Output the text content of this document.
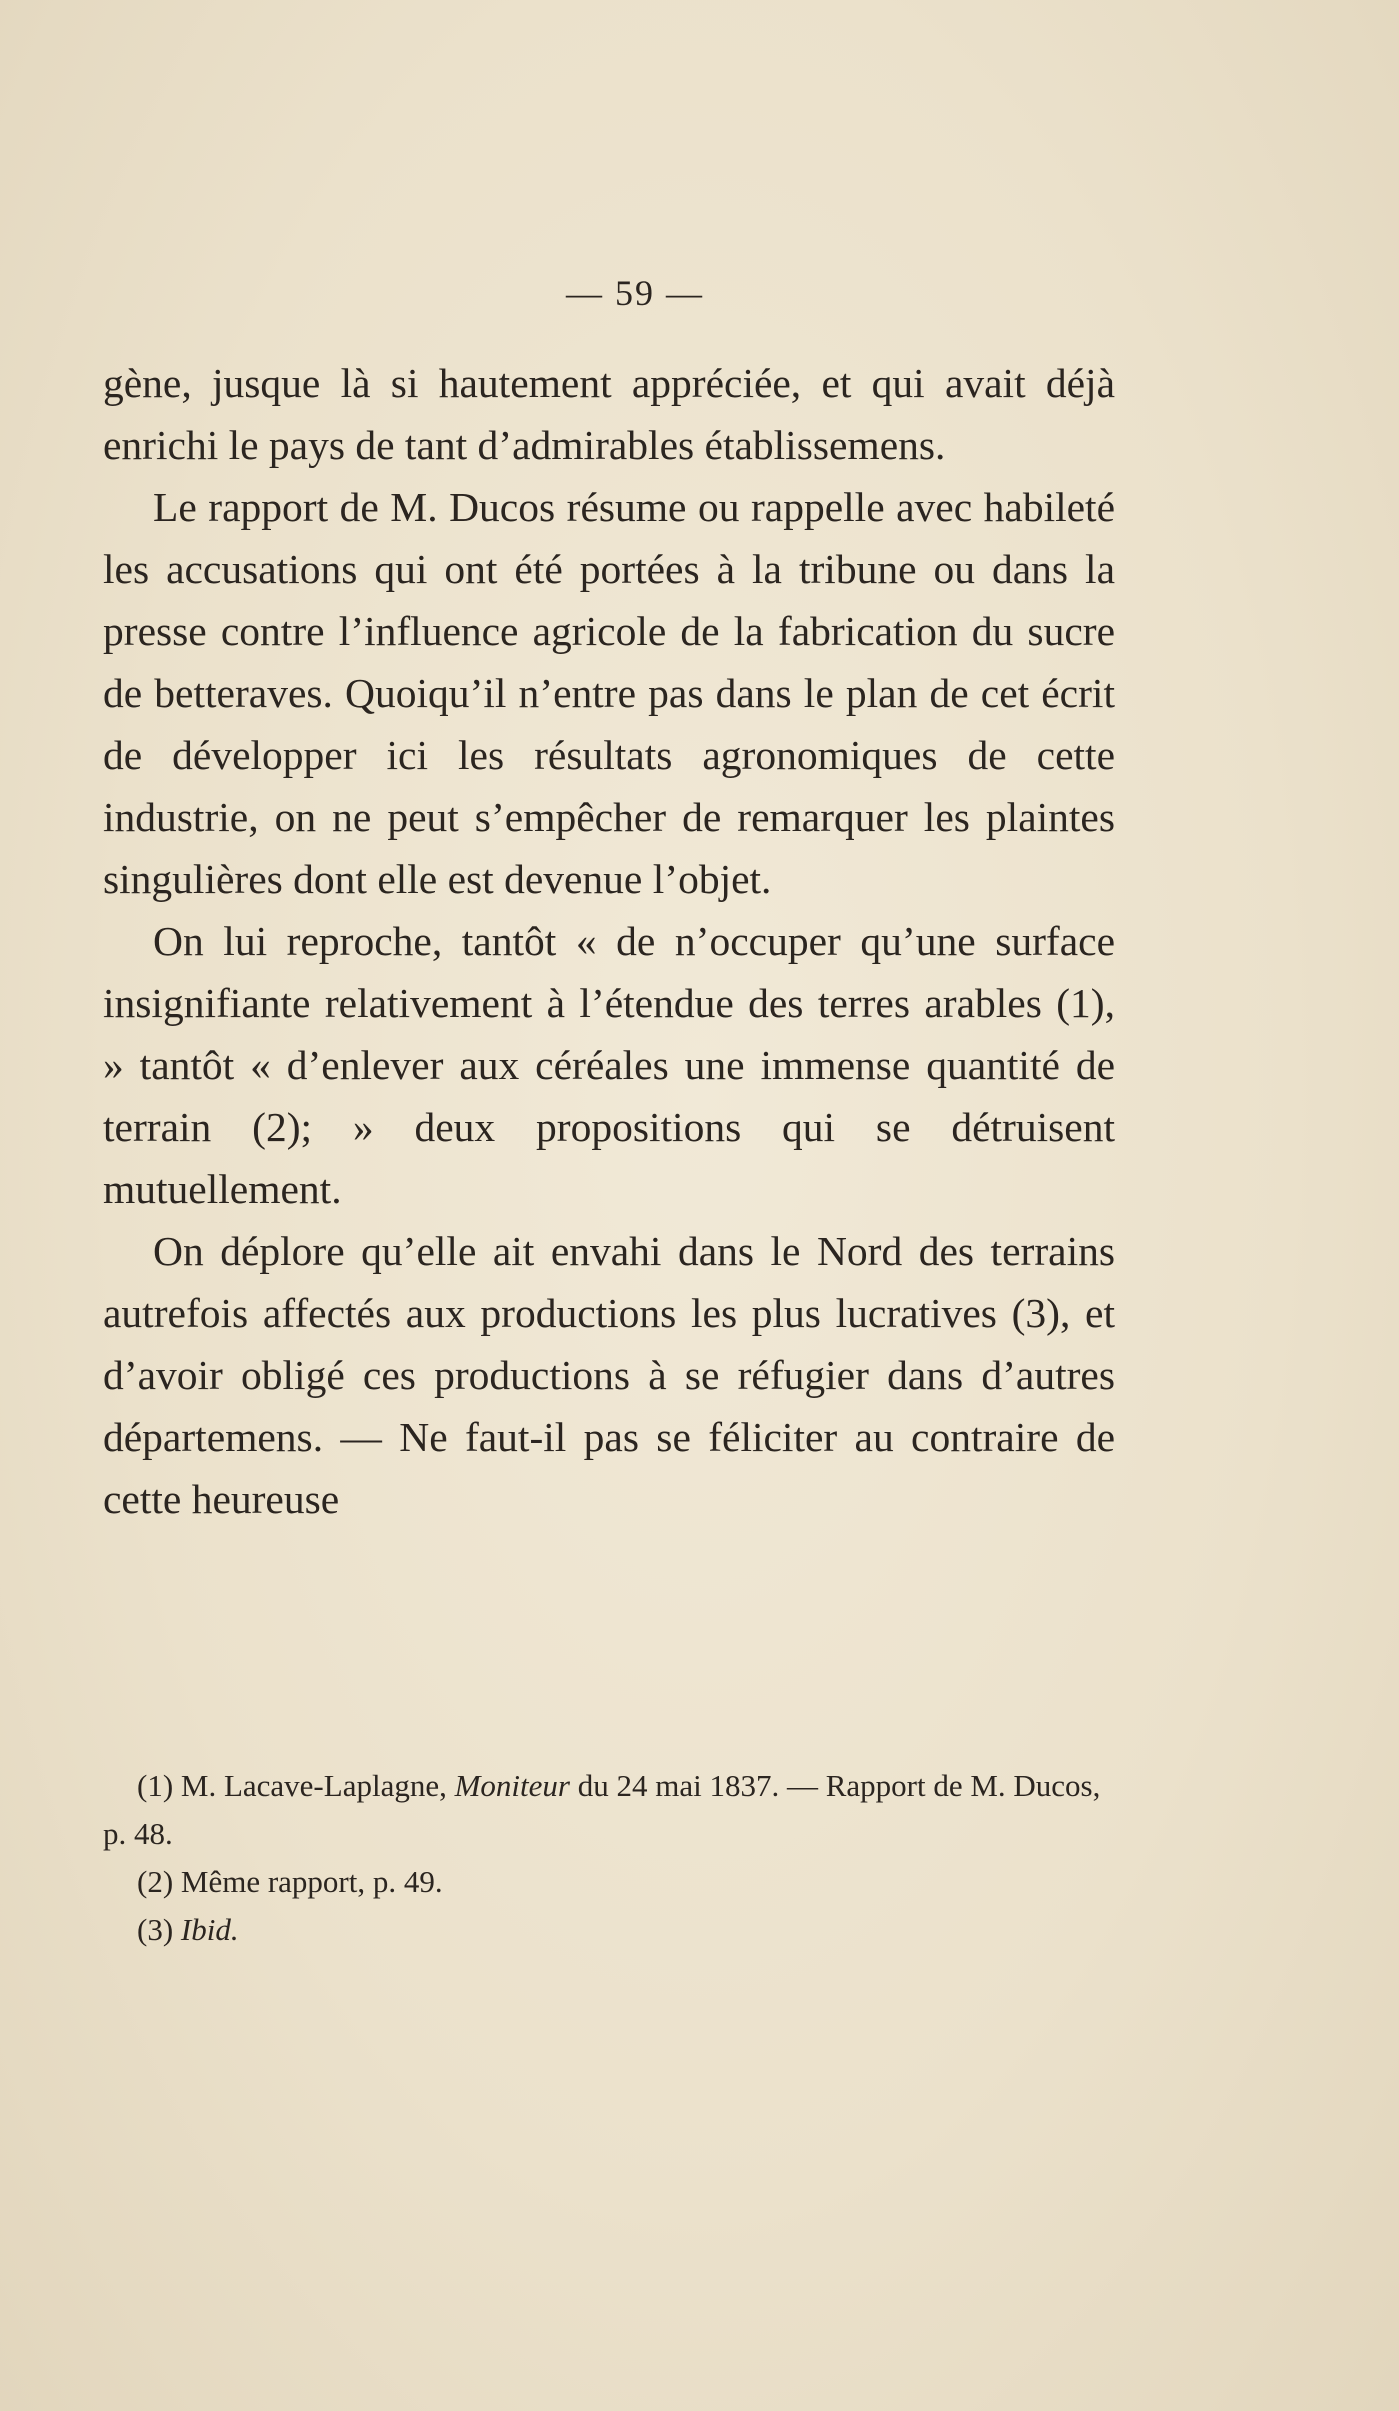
— 59 —

gène, jusque là si hautement appréciée, et qui avait déjà enrichi le pays de tant d’admirables établissemens.

Le rapport de M. Ducos résume ou rappelle avec habileté les accusations qui ont été portées à la tribune ou dans la presse contre l’influence agricole de la fabrication du sucre de betteraves. Quoiqu’il n’entre pas dans le plan de cet écrit de développer ici les résultats agronomiques de cette industrie, on ne peut s’empêcher de remarquer les plaintes singulières dont elle est devenue l’objet.

On lui reproche, tantôt « de n’occuper qu’une surface insignifiante relativement à l’étendue des terres arables (1), » tantôt « d’enlever aux céréales une immense quantité de terrain (2); » deux propositions qui se détruisent mutuellement.

On déplore qu’elle ait envahi dans le Nord des terrains autrefois affectés aux productions les plus lucratives (3), et d’avoir obligé ces productions à se réfugier dans d’autres départemens. — Ne faut-il pas se féliciter au contraire de cette heureuse

(1) M. Lacave-Laplagne, Moniteur du 24 mai 1837. — Rapport de M. Ducos, p. 48.

(2) Même rapport, p. 49.

(3) Ibid.
